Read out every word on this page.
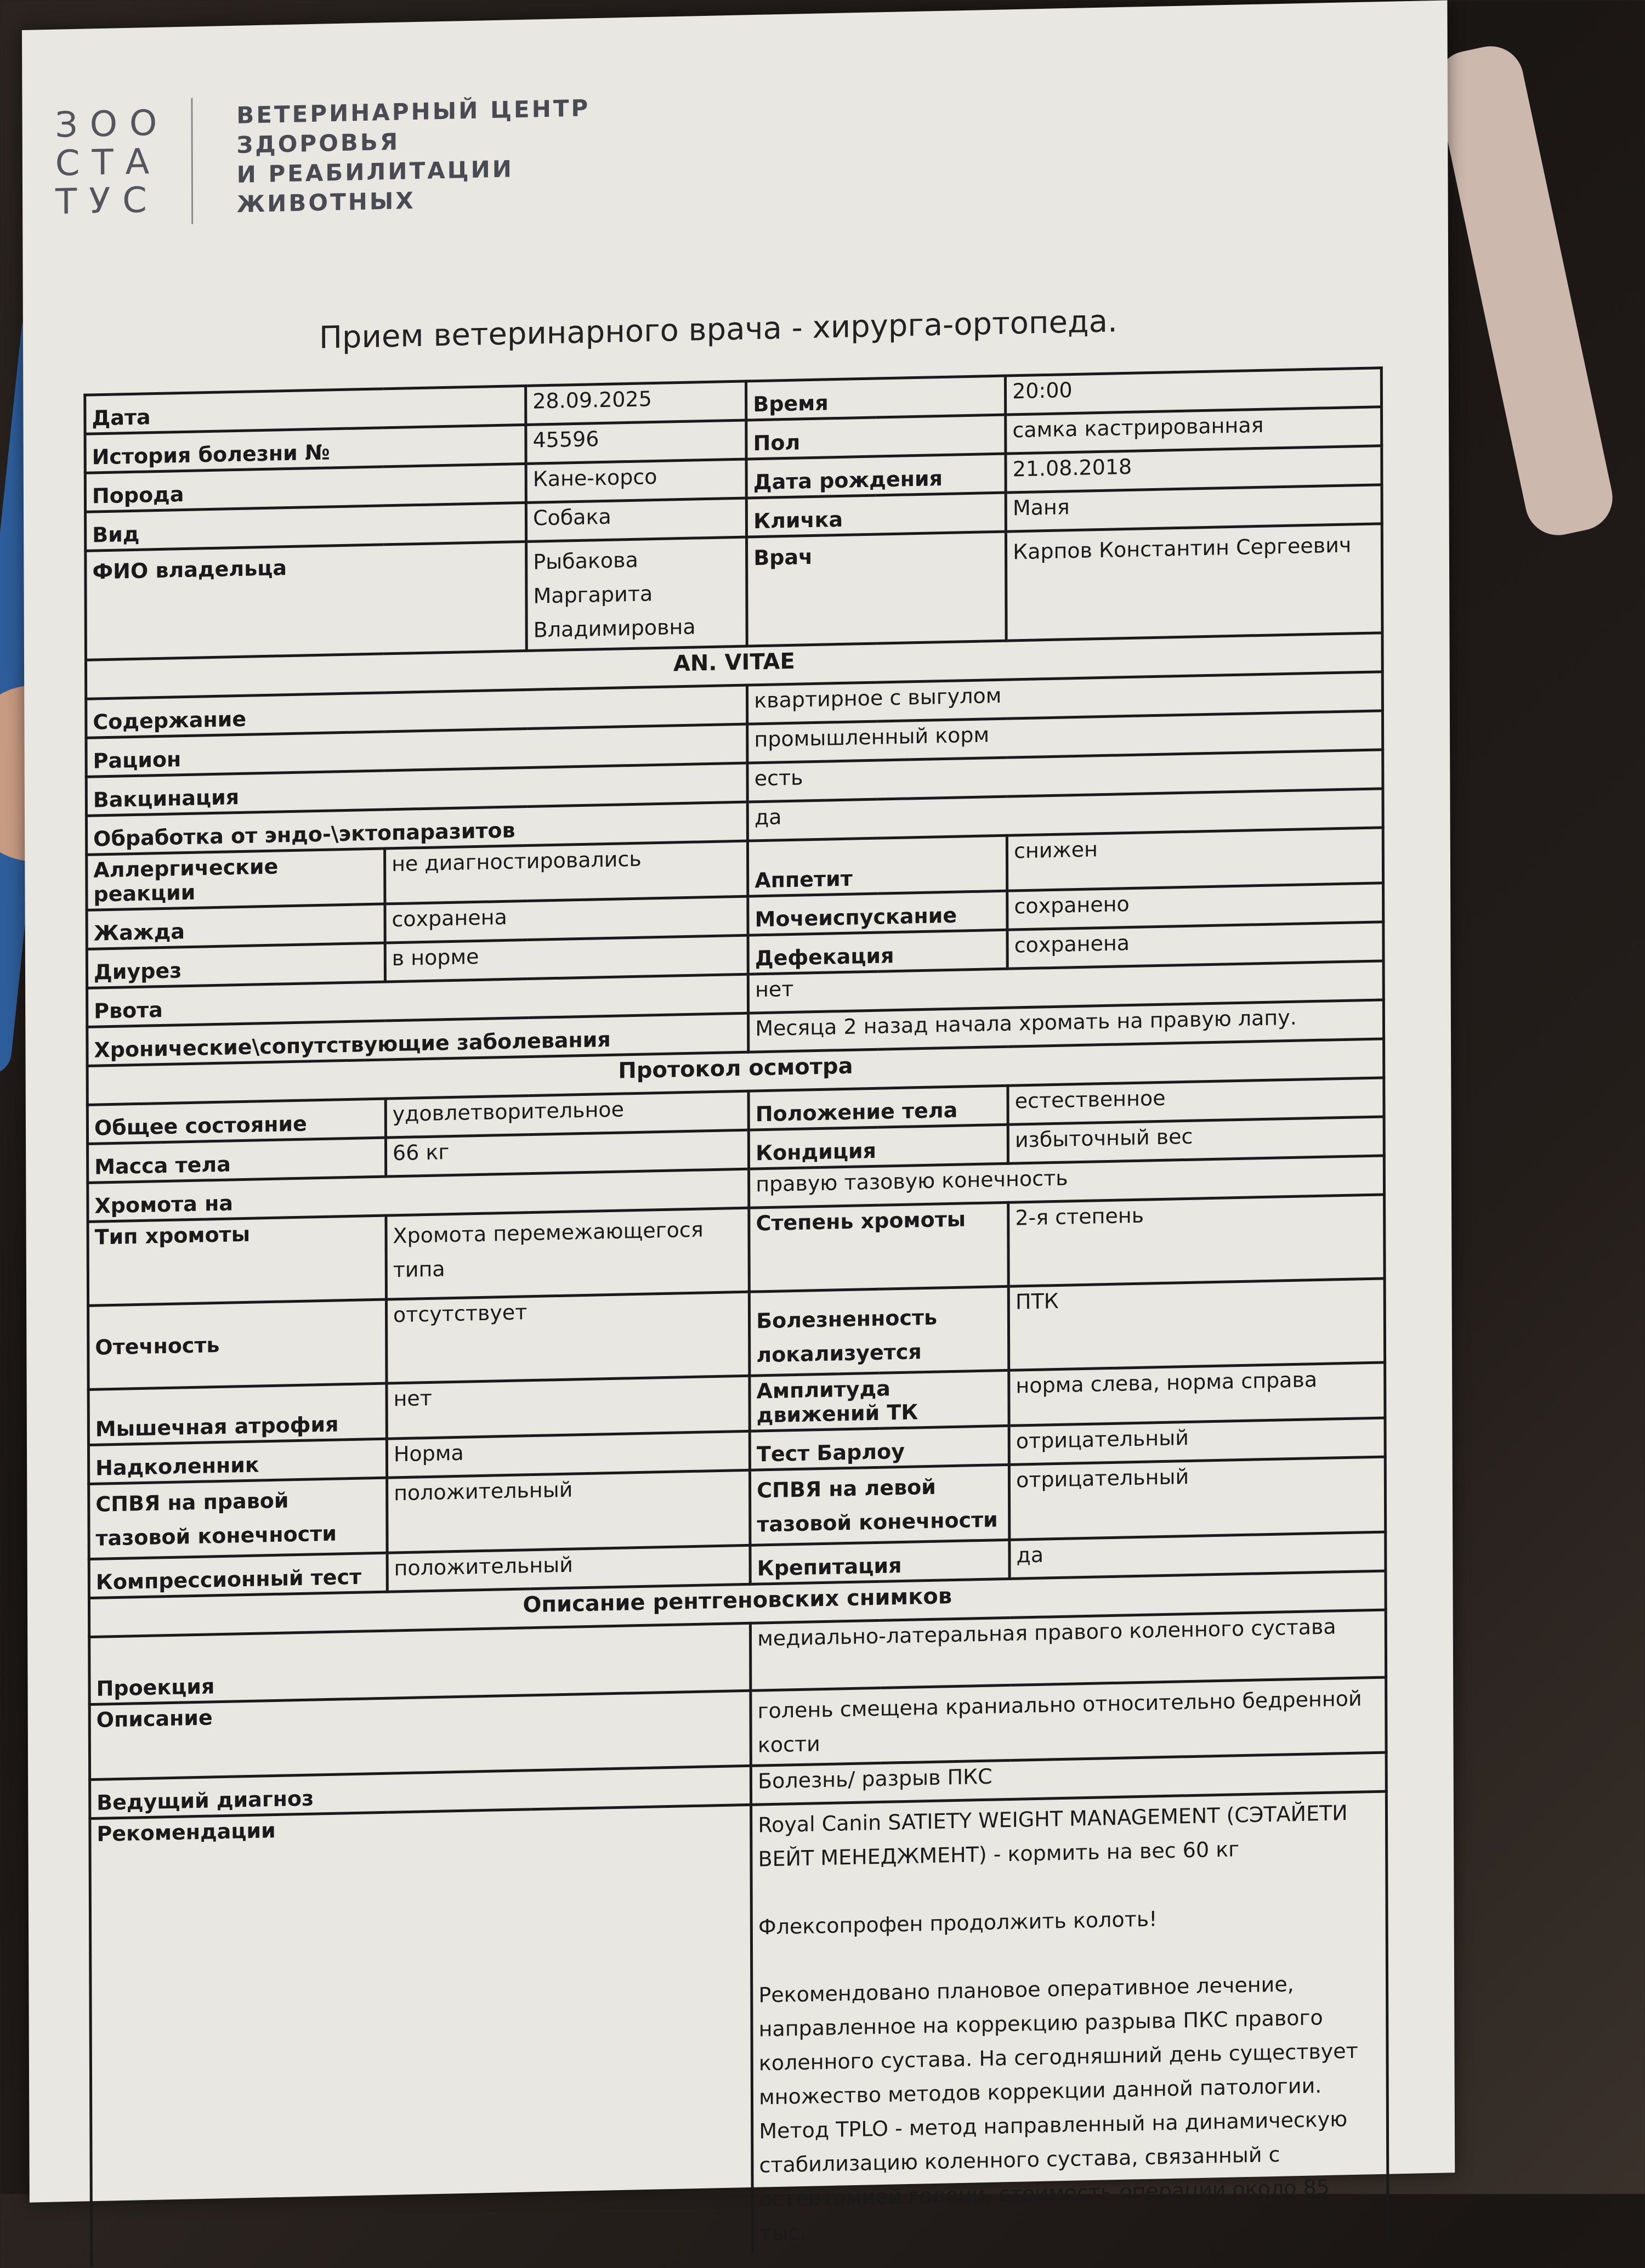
ЗОО
СТА
ТУС
ВЕТЕРИНАРНЫЙ ЦЕНТР
ЗДОРОВЬЯ
И РЕАБИЛИТАЦИИ
ЖИВОТНЫХ
Прием ветеринарного врача - хирурга-ортопеда.
Дата		28.09.2025	Время	20:00
История болезни №		45596	Пол	самка кастрированная
Порода		Кане-корсо	Дата рождения	21.08.2018
Вид		Собака	Кличка	Маня
ФИО владельца		Рыбакова Маргарита Владимировна	Врач	Карпов Константин Сергеевич
AN. VITAE				
Содержание			квартирное с выгулом	
Рацион			промышленный корм	
Вакцинация			есть	
Обработка от эндо-\эктопаразитов			да	
Аллергические реакции	не диагностировались		Аппетит	снижен
Жажда	сохранена		Мочеиспускание	сохранено
Диурез	в норме		Дефекация	сохранена
Рвота			нет	
Хронические\сопутствующие заболевания			Месяца 2 назад начала хромать на правую лапу.	
Протокол осмотра				
Общее состояние	удовлетворительное		Положение тела	естественное
Масса тела	66 кг		Кондиция	избыточный вес
Хромота на			правую тазовую конечность	
Тип хромоты	Хромота перемежающегося типа		Степень хромоты	2-я степень
Отечность	отсутствует		Болезненность локализуется	ПТК
Мышечная атрофия	нет		Амплитуда движений ТК	норма слева, норма справа
Надколенник	Норма		Тест Барлоу	отрицательный
СПВЯ на правой тазовой конечности	положительный		СПВЯ на левой тазовой конечности	отрицательный
Компрессионный тест	положительный		Крепитация	да
Описание рентгеновских снимков				
Проекция			медиально-латеральная правого коленного сустава	
Описание			голень смещена краниально относительно бедренной кости	
Ведущий диагноз			Болезнь/ разрыв ПКС	
Рекомендации			Royal Canin SATIETY WEIGHT MANAGEMENT (СЭТАЙЕТИ ВЕЙТ МЕНЕДЖМЕНТ) - кормить на вес 60 кг

Флексопрофен продолжить колоть!

Рекомендовано плановое оперативное лечение, направленное на коррекцию разрыва ПКС правого коленного сустава. На сегодняшний день существует множество методов коррекции данной патологии. Метод TPLO - метод направленный на динамическую стабилизацию коленного сустава, связанный с остеотомией голени, стоимость операции около 85 тыс.	
